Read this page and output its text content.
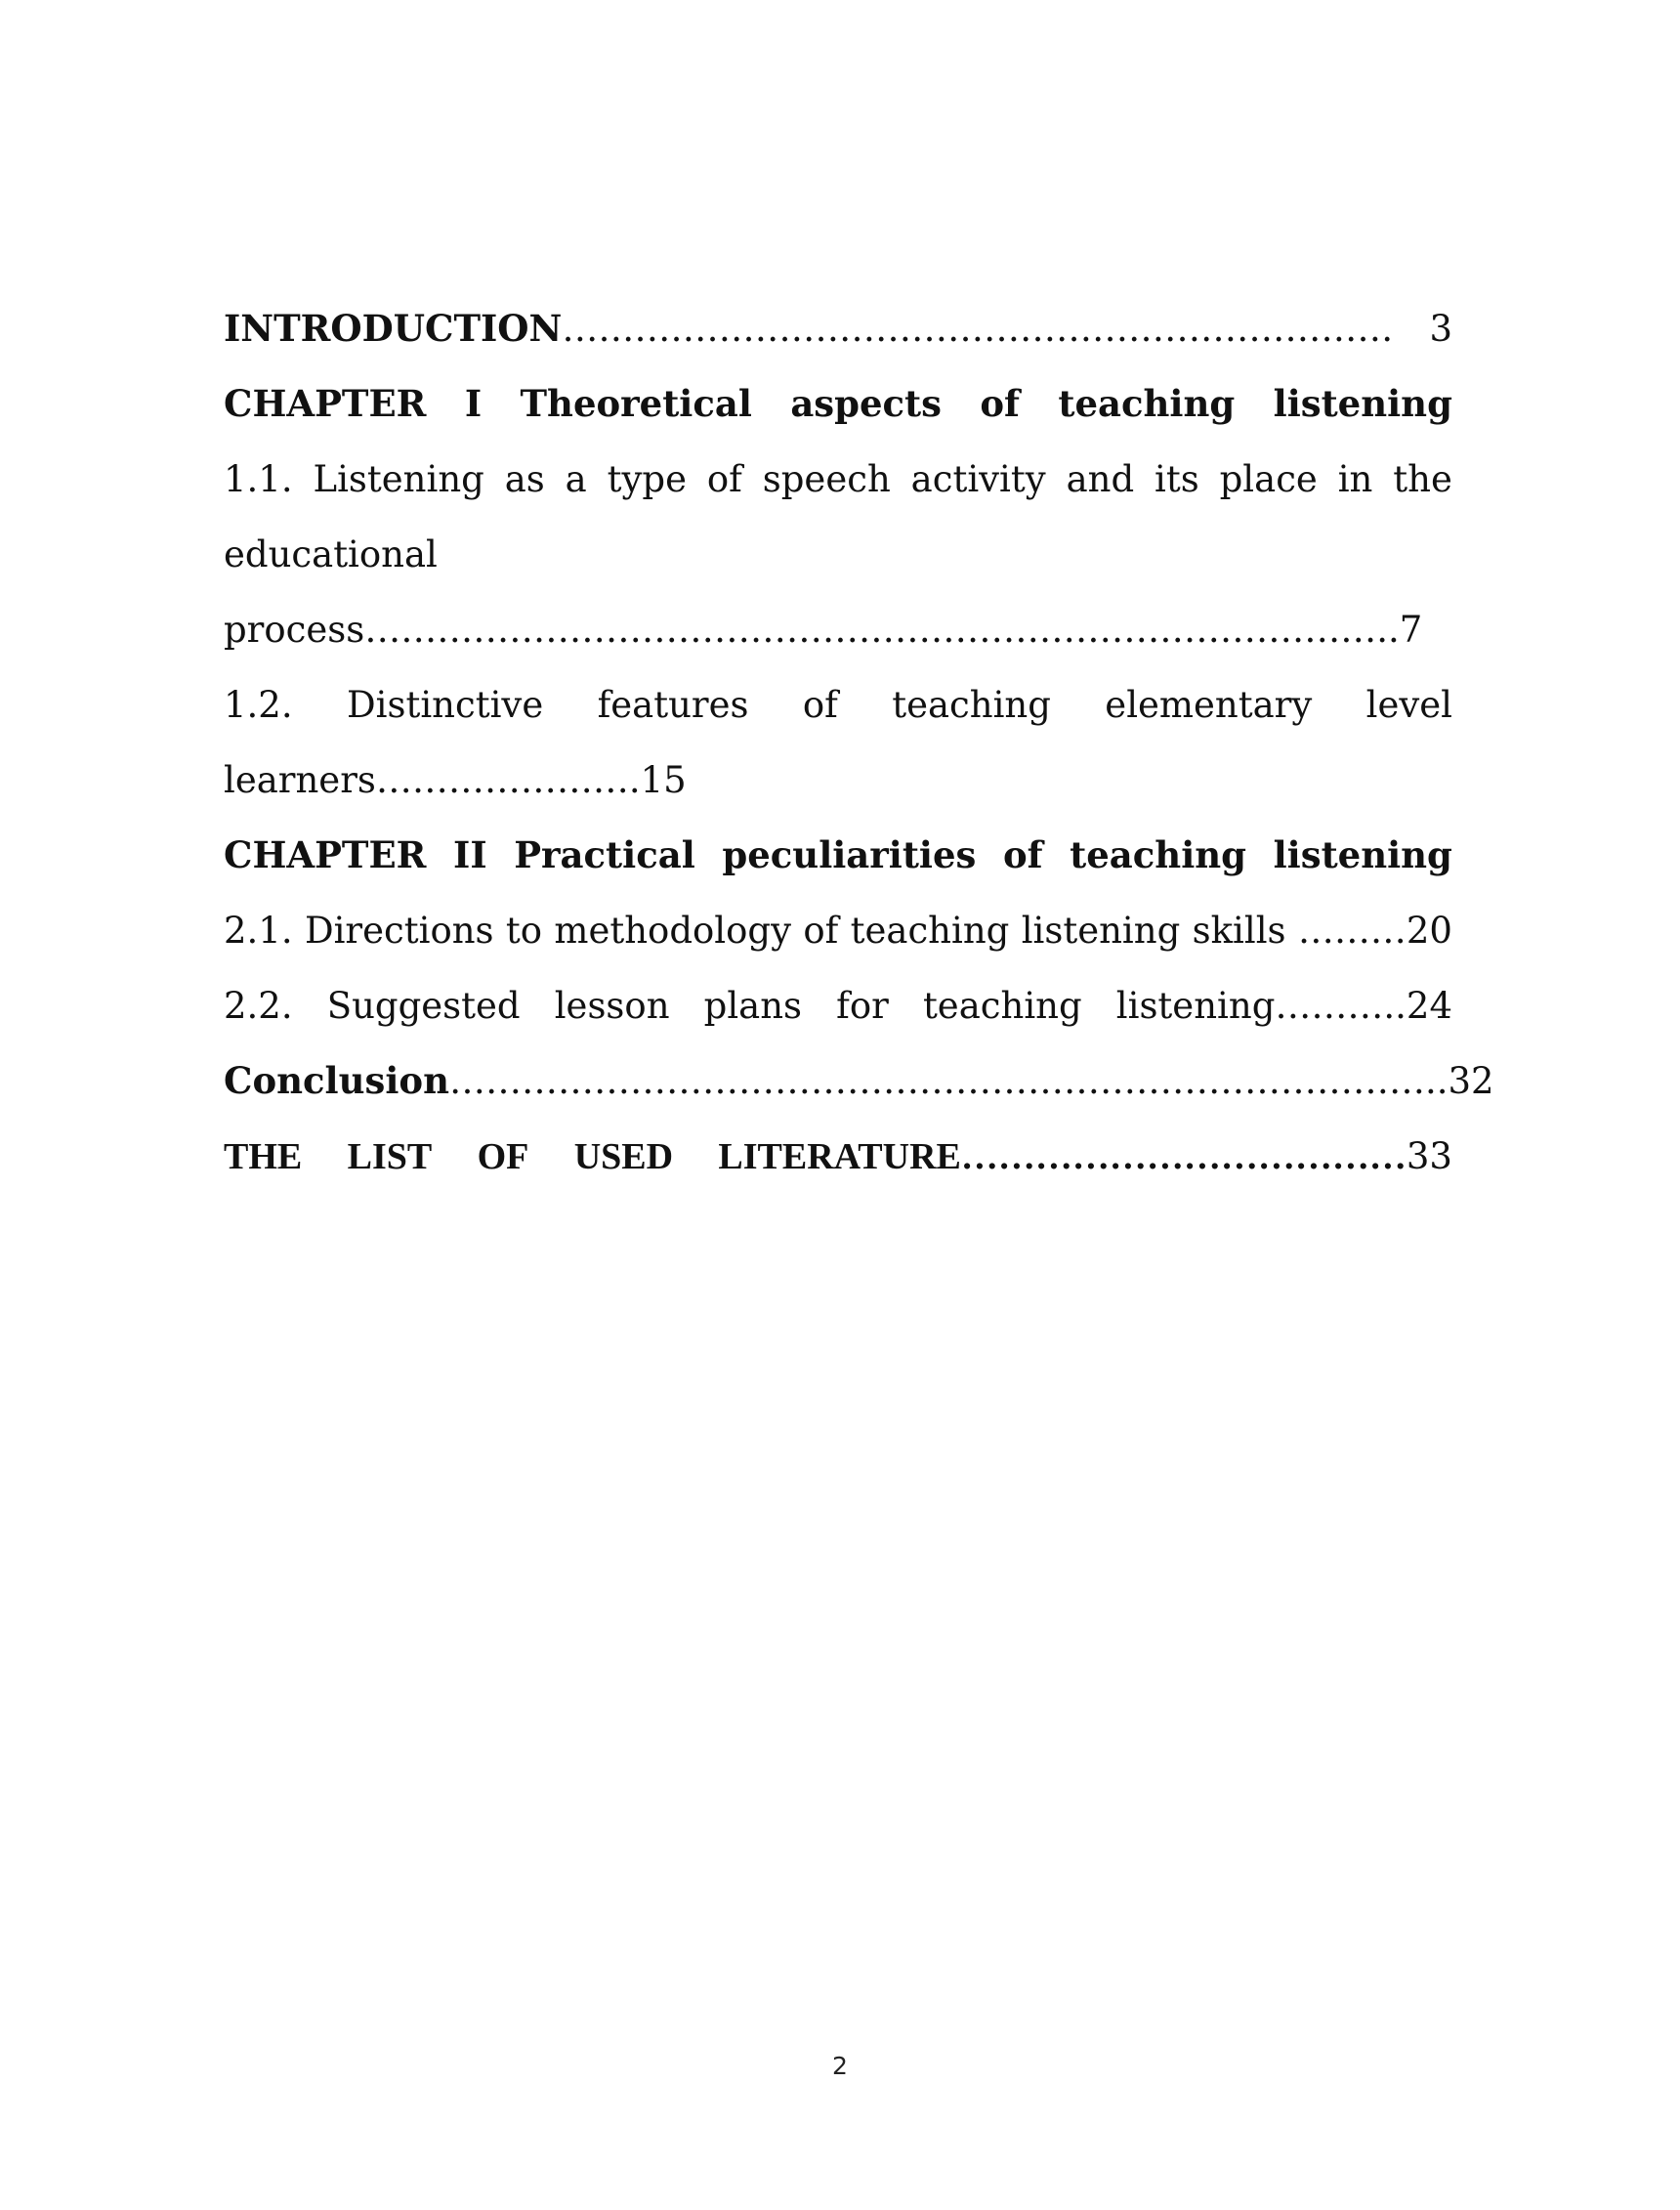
INTRODUCTION…………………………………………………………… 3
CHAPTER I Theoretical aspects of teaching listening
1.1. Listening as a type of speech activity and its place in the
educational
process…………………………………………………………………………..7
1.2. Distinctive features of teaching elementary level
learners………………….15
CHAPTER II Practical peculiarities of teaching listening
2.1. Directions to methodology of teaching listening skills ………20
2.2. Suggested lesson plans for teaching listening………..24
Conclusion………………………………………………………………………..32
THE LIST OF USED LITERATURE………………………………33
2
